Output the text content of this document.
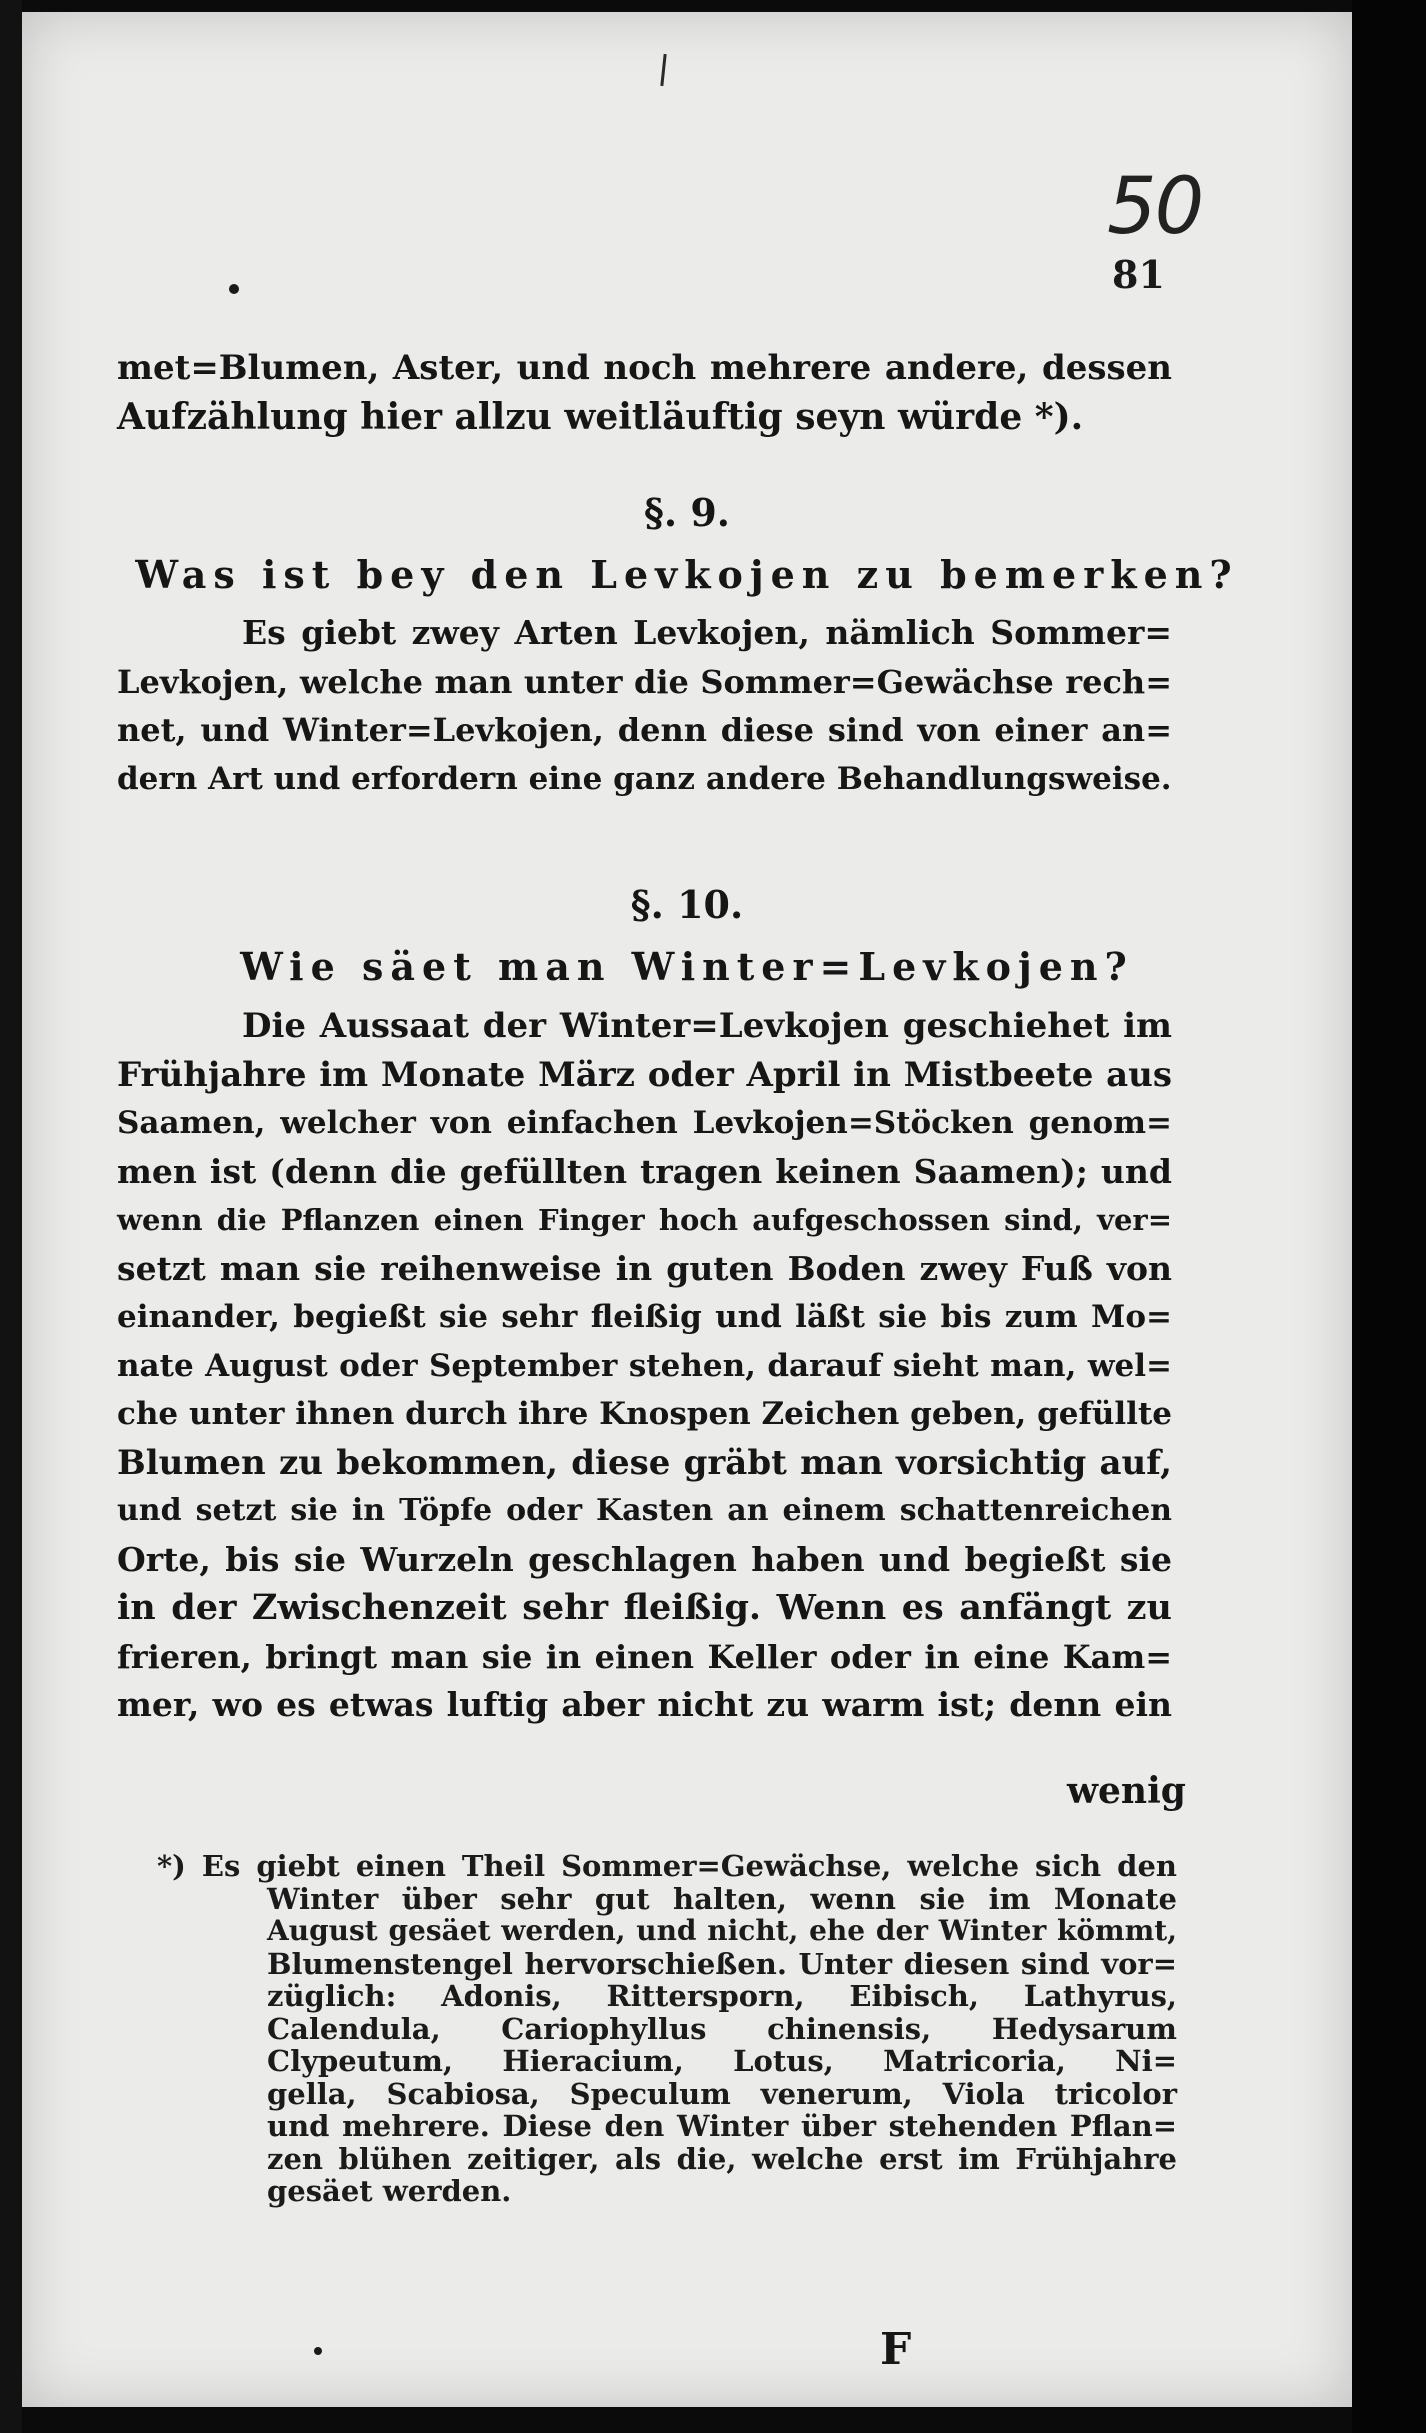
50
81

met=Blumen, Aster, und noch mehrere andere, dessen
Aufzählung hier allzu weitläuftig seyn würde *).

§. 9.
Was ist bey den Levkojen zu bemerken?

Es giebt zwey Arten Levkojen, nämlich Sommer=
Levkojen, welche man unter die Sommer=Gewächse rech=
net, und Winter=Levkojen, denn diese sind von einer an=
dern Art und erfordern eine ganz andere Behandlungsweise.

§. 10.
Wie säet man Winter=Levkojen?

Die Aussaat der Winter=Levkojen geschiehet im
Frühjahre im Monate März oder April in Mistbeete aus
Saamen, welcher von einfachen Levkojen=Stöcken genom=
men ist (denn die gefüllten tragen keinen Saamen); und
wenn die Pflanzen einen Finger hoch aufgeschossen sind, ver=
setzt man sie reihenweise in guten Boden zwey Fuß von
einander, begießt sie sehr fleißig und läßt sie bis zum Mo=
nate August oder September stehen, darauf sieht man, wel=
che unter ihnen durch ihre Knospen Zeichen geben, gefüllte
Blumen zu bekommen, diese gräbt man vorsichtig auf,
und setzt sie in Töpfe oder Kasten an einem schattenreichen
Orte, bis sie Wurzeln geschlagen haben und begießt sie
in der Zwischenzeit sehr fleißig. Wenn es anfängt zu
frieren, bringt man sie in einen Keller oder in eine Kam=
mer, wo es etwas luftig aber nicht zu warm ist; denn ein

wenig

*) Es giebt einen Theil Sommer=Gewächse, welche sich den
Winter über sehr gut halten, wenn sie im Monate
August gesäet werden, und nicht, ehe der Winter kömmt,
Blumenstengel hervorschießen. Unter diesen sind vor=
züglich: Adonis, Rittersporn, Eibisch, Lathyrus,
Calendula, Cariophyllus chinensis, Hedysarum
Clypeutum, Hieracium, Lotus, Matricoria, Ni=
gella, Scabiosa, Speculum venerum, Viola tricolor
und mehrere. Diese den Winter über stehenden Pflan=
zen blühen zeitiger, als die, welche erst im Frühjahre
gesäet werden.

F
